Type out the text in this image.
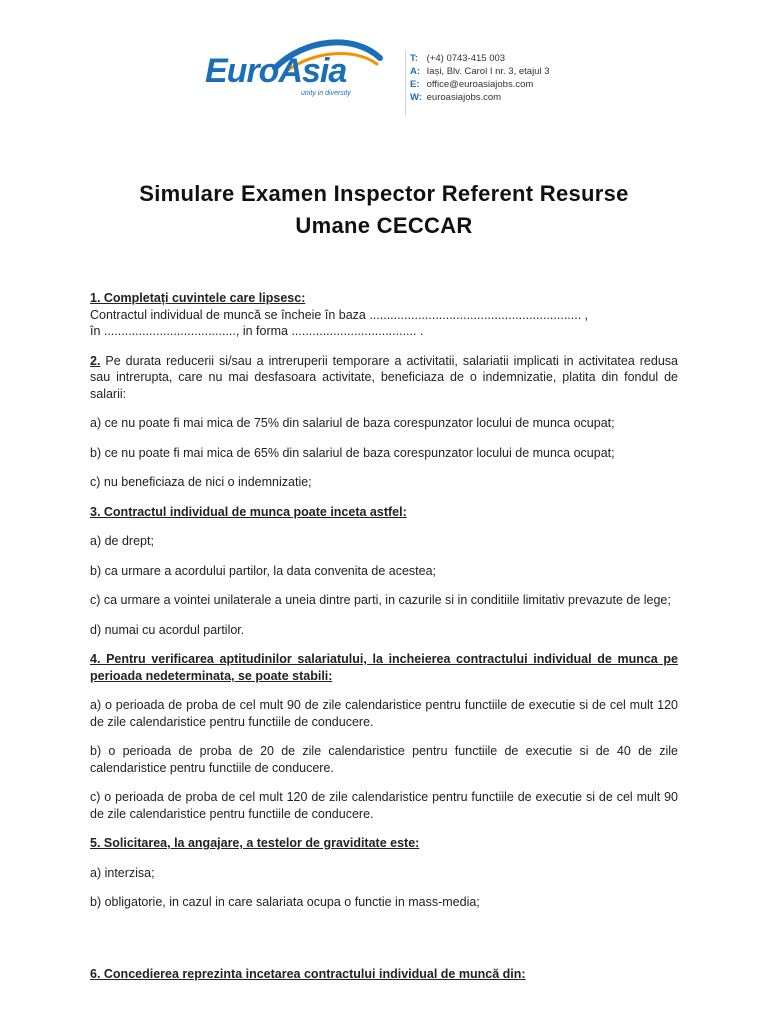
EuroAsia
unity in diversity
T: (+4) 0743-415 003
A: Iași, Blv. Carol I nr. 3, etajul 3
E: office@euroasiajobs.com
W: euroasiajobs.com
Simulare Examen Inspector Referent Resurse
Umane CECCAR

1. Completați cuvintele care lipsesc:

Contractul individual de muncă se încheie în baza ............................................................. ,

în ......................................, in forma .................................... .

2. Pe durata reducerii si/sau a intreruperii temporare a activitatii, salariatii implicati in activitatea redusa sau intrerupta, care nu mai desfasoara activitate, beneficiaza de o indemnizatie, platita din fondul de salarii:

a) ce nu poate fi mai mica de 75% din salariul de baza corespunzator locului de munca ocupat;

b) ce nu poate fi mai mica de 65% din salariul de baza corespunzator locului de munca ocupat;

c) nu beneficiaza de nici o indemnizatie;

3. Contractul individual de munca poate inceta astfel:

a) de drept;

b) ca urmare a acordului partilor, la data convenita de acestea;

c) ca urmare a vointei unilaterale a uneia dintre parti, in cazurile si in conditiile limitativ prevazute de lege;

d) numai cu acordul partilor.

4. Pentru verificarea aptitudinilor salariatului, la incheierea contractului individual de munca pe perioada nedeterminata, se poate stabili:

a) o perioada de proba de cel mult 90 de zile calendaristice pentru functiile de executie si de cel mult 120 de zile calendaristice pentru functiile de conducere.

b) o perioada de proba de 20 de zile calendaristice pentru functiile de executie si de 40 de zile calendaristice pentru functiile de conducere.

c) o perioada de proba de cel mult 120 de zile calendaristice pentru functiile de executie si de cel mult 90 de zile calendaristice pentru functiile de conducere.

5. Solicitarea, la angajare, a testelor de graviditate este:

a) interzisa;

b) obligatorie, in cazul in care salariata ocupa o functie in mass-media;

6. Concedierea reprezinta incetarea contractului individual de muncă din:
